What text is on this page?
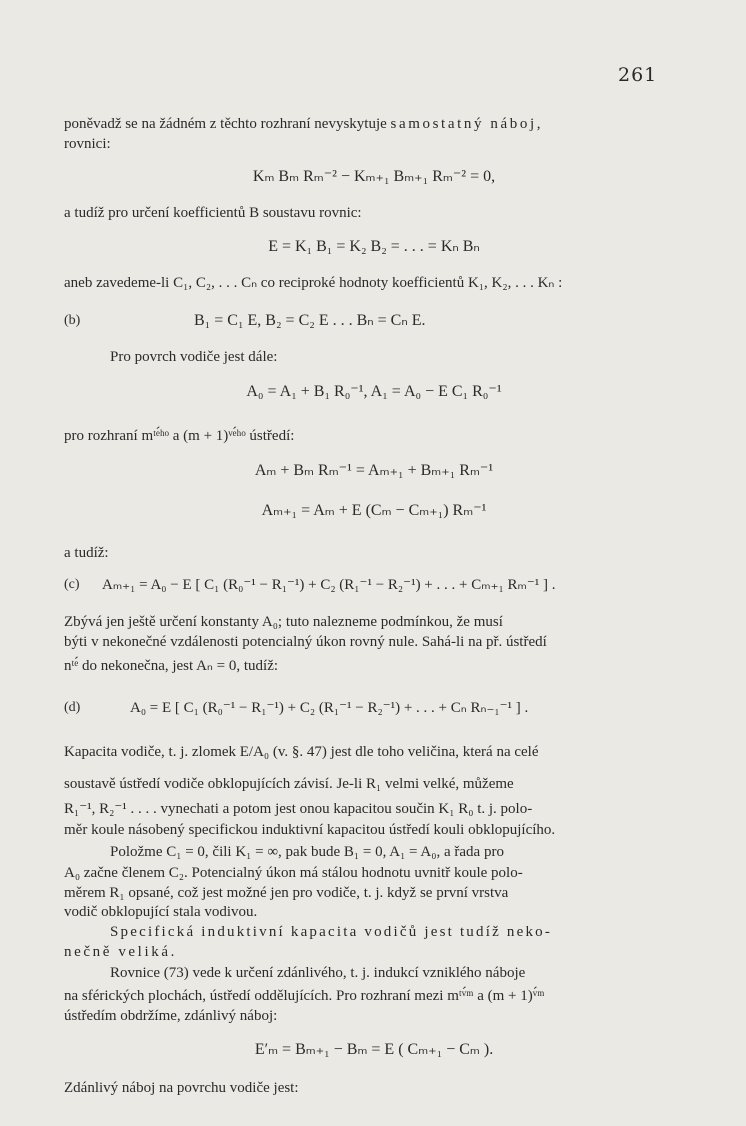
261
poněvadž se na žádném z těchto rozhraní nevyskytuje samostatný náboj,
rovnici:
Kₘ Bₘ Rₘ⁻² − Kₘ₊₁ Bₘ₊₁ Rₘ⁻² = 0,
a tudíž pro určení koefficientů B soustavu rovnic:
E = K₁ B₁ = K₂ B₂ = . . . = Kₙ Bₙ
aneb zavedeme-li C₁, C₂, . . . Cₙ co reciproké hodnoty koefficientů K₁, K₂, . . . Kₙ :
(b)	B₁ = C₁ E, B₂ = C₂ E . . . Bₙ = Cₙ E.
Pro povrch vodiče jest dále:
A₀ = A₁ + B₁ R₀⁻¹, A₁ = A₀ − E C₁ R₀⁻¹
pro rozhraní mᵗᵉ́ʰᵒ a (m + 1)ᵛᵉ́ʰᵒ ústředí:
Aₘ + Bₘ Rₘ⁻¹ = Aₘ₊₁ + Bₘ₊₁ Rₘ⁻¹
Aₘ₊₁ = Aₘ + E (Cₘ − Cₘ₊₁) Rₘ⁻¹
a tudíž:
(c) Aₘ₊₁ = A₀ − E [ C₁ (R₀⁻¹ − R₁⁻¹) + C₂ (R₁⁻¹ − R₂⁻¹) + . . . + Cₘ₊₁ Rₘ⁻¹ ] .
Zbývá jen ještě určení konstanty A₀; tuto nalezneme podmínkou, že musí
býti v nekonečné vzdálenosti potencialný úkon rovný nule. Sahá-li na př. ústředí
nᵗᵉ́ do nekonečna, jest Aₙ = 0, tudíž:
(d)	A₀ = E [ C₁ (R₀⁻¹ − R₁⁻¹) + C₂ (R₁⁻¹ − R₂⁻¹) + . . . + Cₙ Rₙ₋₁⁻¹ ] .
Kapacita vodiče, t. j. zlomek E/A₀ (v. §. 47) jest dle toho veličina, která na celé
soustavě ústředí vodiče obklopujících závisí. Je-li R₁ velmi velké, můžeme
R₁⁻¹, R₂⁻¹ . . . . vynechati a potom jest onou kapacitou součin K₁ R₀ t. j. polo-
měr koule násobený specifickou induktivní kapacitou ústředí kouli obklopujícího.
Položme C₁ = 0, čili K₁ = ∞, pak bude B₁ = 0, A₁ = A₀, a řada pro
A₀ začne členem C₂. Potencialný úkon má stálou hodnotu uvnitř koule polo-
měrem R₁ opsané, což jest možné jen pro vodiče, t. j. když se první vrstva
vodič obklopující stala vodivou.
Specifická induktivní kapacita vodičů jest tudíž neko-
nečně veliká.
Rovnice (73) vede k určení zdánlivého, t. j. indukcí vzniklého náboje
na sférických plochách, ústředí oddělujících. Pro rozhraní mezi mᵗᵛ́ᵐ a (m + 1)ᵛ́ᵐ
ústředím obdržíme, zdánlivý náboj:
E′ₘ = Bₘ₊₁ − Bₘ = E ( Cₘ₊₁ − Cₘ ).
Zdánlivý náboj na povrchu vodiče jest:
